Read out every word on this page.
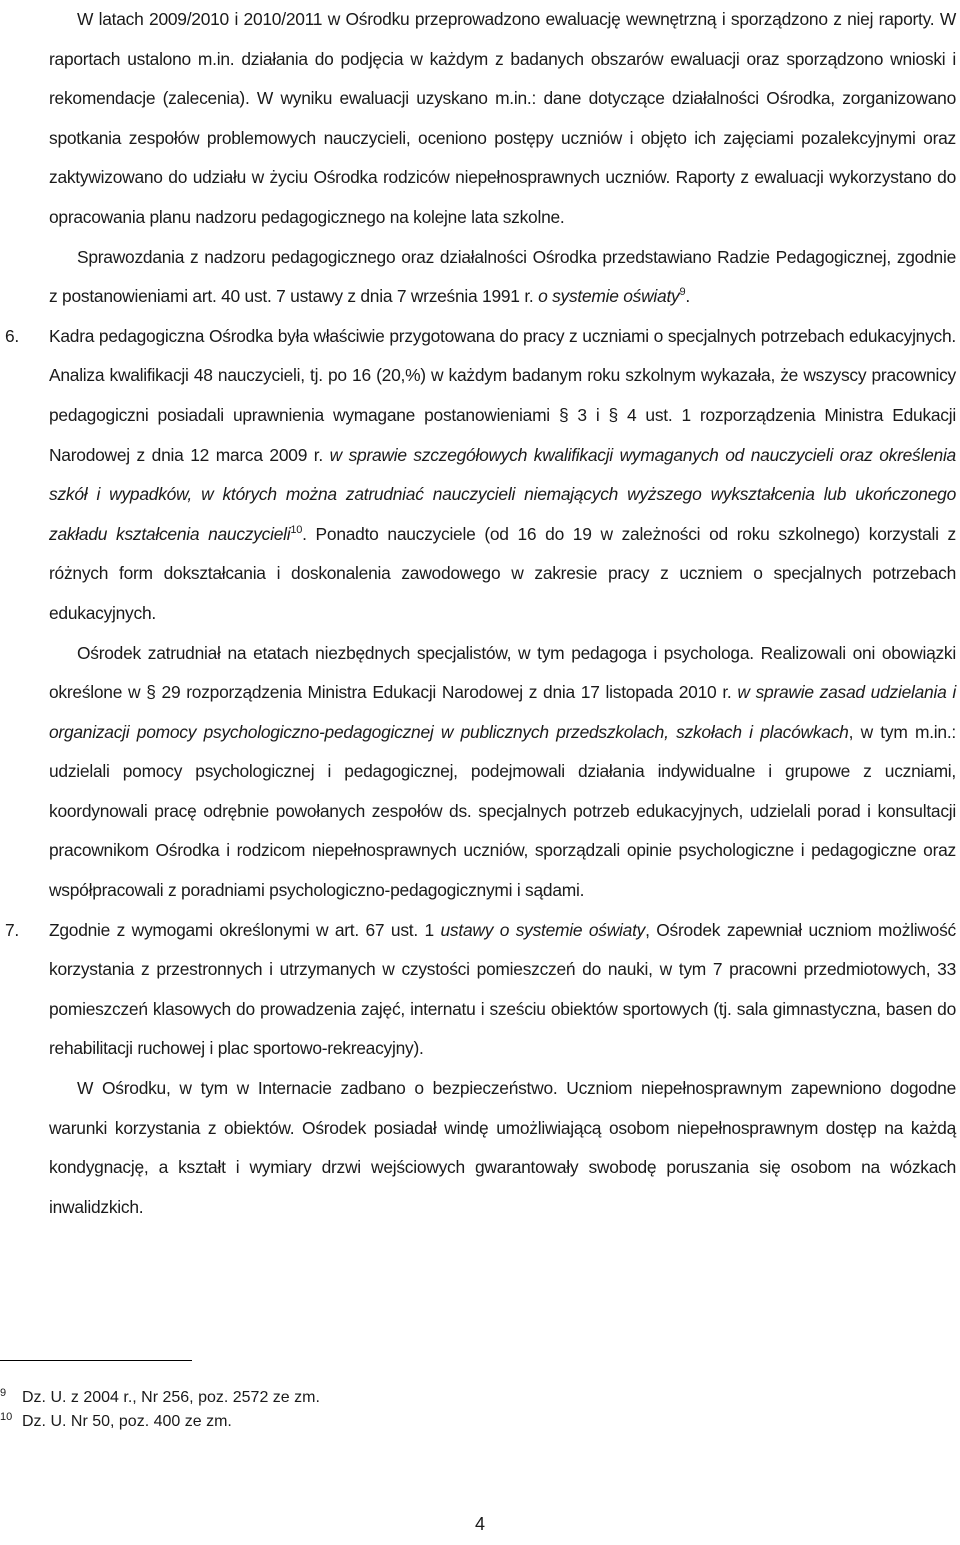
W latach 2009/2010 i 2010/2011 w Ośrodku przeprowadzono ewaluację wewnętrzną i sporządzono z niej raporty. W raportach ustalono m.in. działania do podjęcia w każdym z badanych obszarów ewaluacji oraz sporządzono wnioski i rekomendacje (zalecenia). W wyniku ewaluacji uzyskano m.in.: dane dotyczące działalności Ośrodka, zorganizowano spotkania zespołów problemowych nauczycieli, oceniono postępy uczniów i objęto ich zajęciami pozalekcyjnymi oraz zaktywizowano do udziału w życiu Ośrodka rodziców niepełnosprawnych uczniów. Raporty z ewaluacji wykorzystano do opracowania planu nadzoru pedagogicznego na kolejne lata szkolne.

Sprawozdania z nadzoru pedagogicznego oraz działalności Ośrodka przedstawiano Radzie Pedagogicznej, zgodnie z postanowieniami art. 40 ust. 7 ustawy z dnia 7 września 1991 r. o systemie oświaty$^9$.

6. Kadra pedagogiczna Ośrodka była właściwie przygotowana do pracy z uczniami o specjalnych potrzebach edukacyjnych. Analiza kwalifikacji 48 nauczycieli, tj. po 16 (20,%) w każdym badanym roku szkolnym wykazała, że wszyscy pracownicy pedagogiczni posiadali uprawnienia wymagane postanowieniami § 3 i § 4 ust. 1 rozporządzenia Ministra Edukacji Narodowej z dnia 12 marca 2009 r. w sprawie szczegółowych kwalifikacji wymaganych od nauczycieli oraz określenia szkół i wypadków, w których można zatrudniać nauczycieli niemających wyższego wykształcenia lub ukończonego zakładu kształcenia nauczycieli$^{10}$. Ponadto nauczyciele (od 16 do 19 w zależności od roku szkolnego) korzystali z różnych form dokształcania i doskonalenia zawodowego w zakresie pracy z uczniem o specjalnych potrzebach edukacyjnych.

Ośrodek zatrudniał na etatach niezbędnych specjalistów, w tym pedagoga i psychologa. Realizowali oni obowiązki określone w § 29 rozporządzenia Ministra Edukacji Narodowej z dnia 17 listopada 2010 r. w sprawie zasad udzielania i organizacji pomocy psychologiczno-pedagogicznej w publicznych przedszkolach, szkołach i placówkach, w tym m.in.: udzielali pomocy psychologicznej i pedagogicznej, podejmowali działania indywidualne i grupowe z uczniami, koordynowali pracę odrębnie powołanych zespołów ds. specjalnych potrzeb edukacyjnych, udzielali porad i konsultacji pracownikom Ośrodka i rodzicom niepełnosprawnych uczniów, sporządzali opinie psychologiczne i pedagogiczne oraz współpracowali z poradniami psychologiczno-pedagogicznymi i sądami.

7. Zgodnie z wymogami określonymi w art. 67 ust. 1 ustawy o systemie oświaty, Ośrodek zapewniał uczniom możliwość korzystania z przestronnych i utrzymanych w czystości pomieszczeń do nauki, w tym 7 pracowni przedmiotowych, 33 pomieszczeń klasowych do prowadzenia zajęć, internatu i sześciu obiektów sportowych (tj. sala gimnastyczna, basen do rehabilitacji ruchowej i plac sportowo-rekreacyjny).

W Ośrodku, w tym w Internacie zadbano o bezpieczeństwo. Uczniom niepełnosprawnym zapewniono dogodne warunki korzystania z obiektów. Ośrodek posiadał windę umożliwiającą osobom niepełnosprawnym dostęp na każdą kondygnację, a kształt i wymiary drzwi wejściowych gwarantowały swobodę poruszania się osobom na wózkach inwalidzkich.

9 Dz. U. z 2004 r., Nr 256, poz. 2572 ze zm.
10 Dz. U. Nr 50, poz. 400 ze zm.
4
